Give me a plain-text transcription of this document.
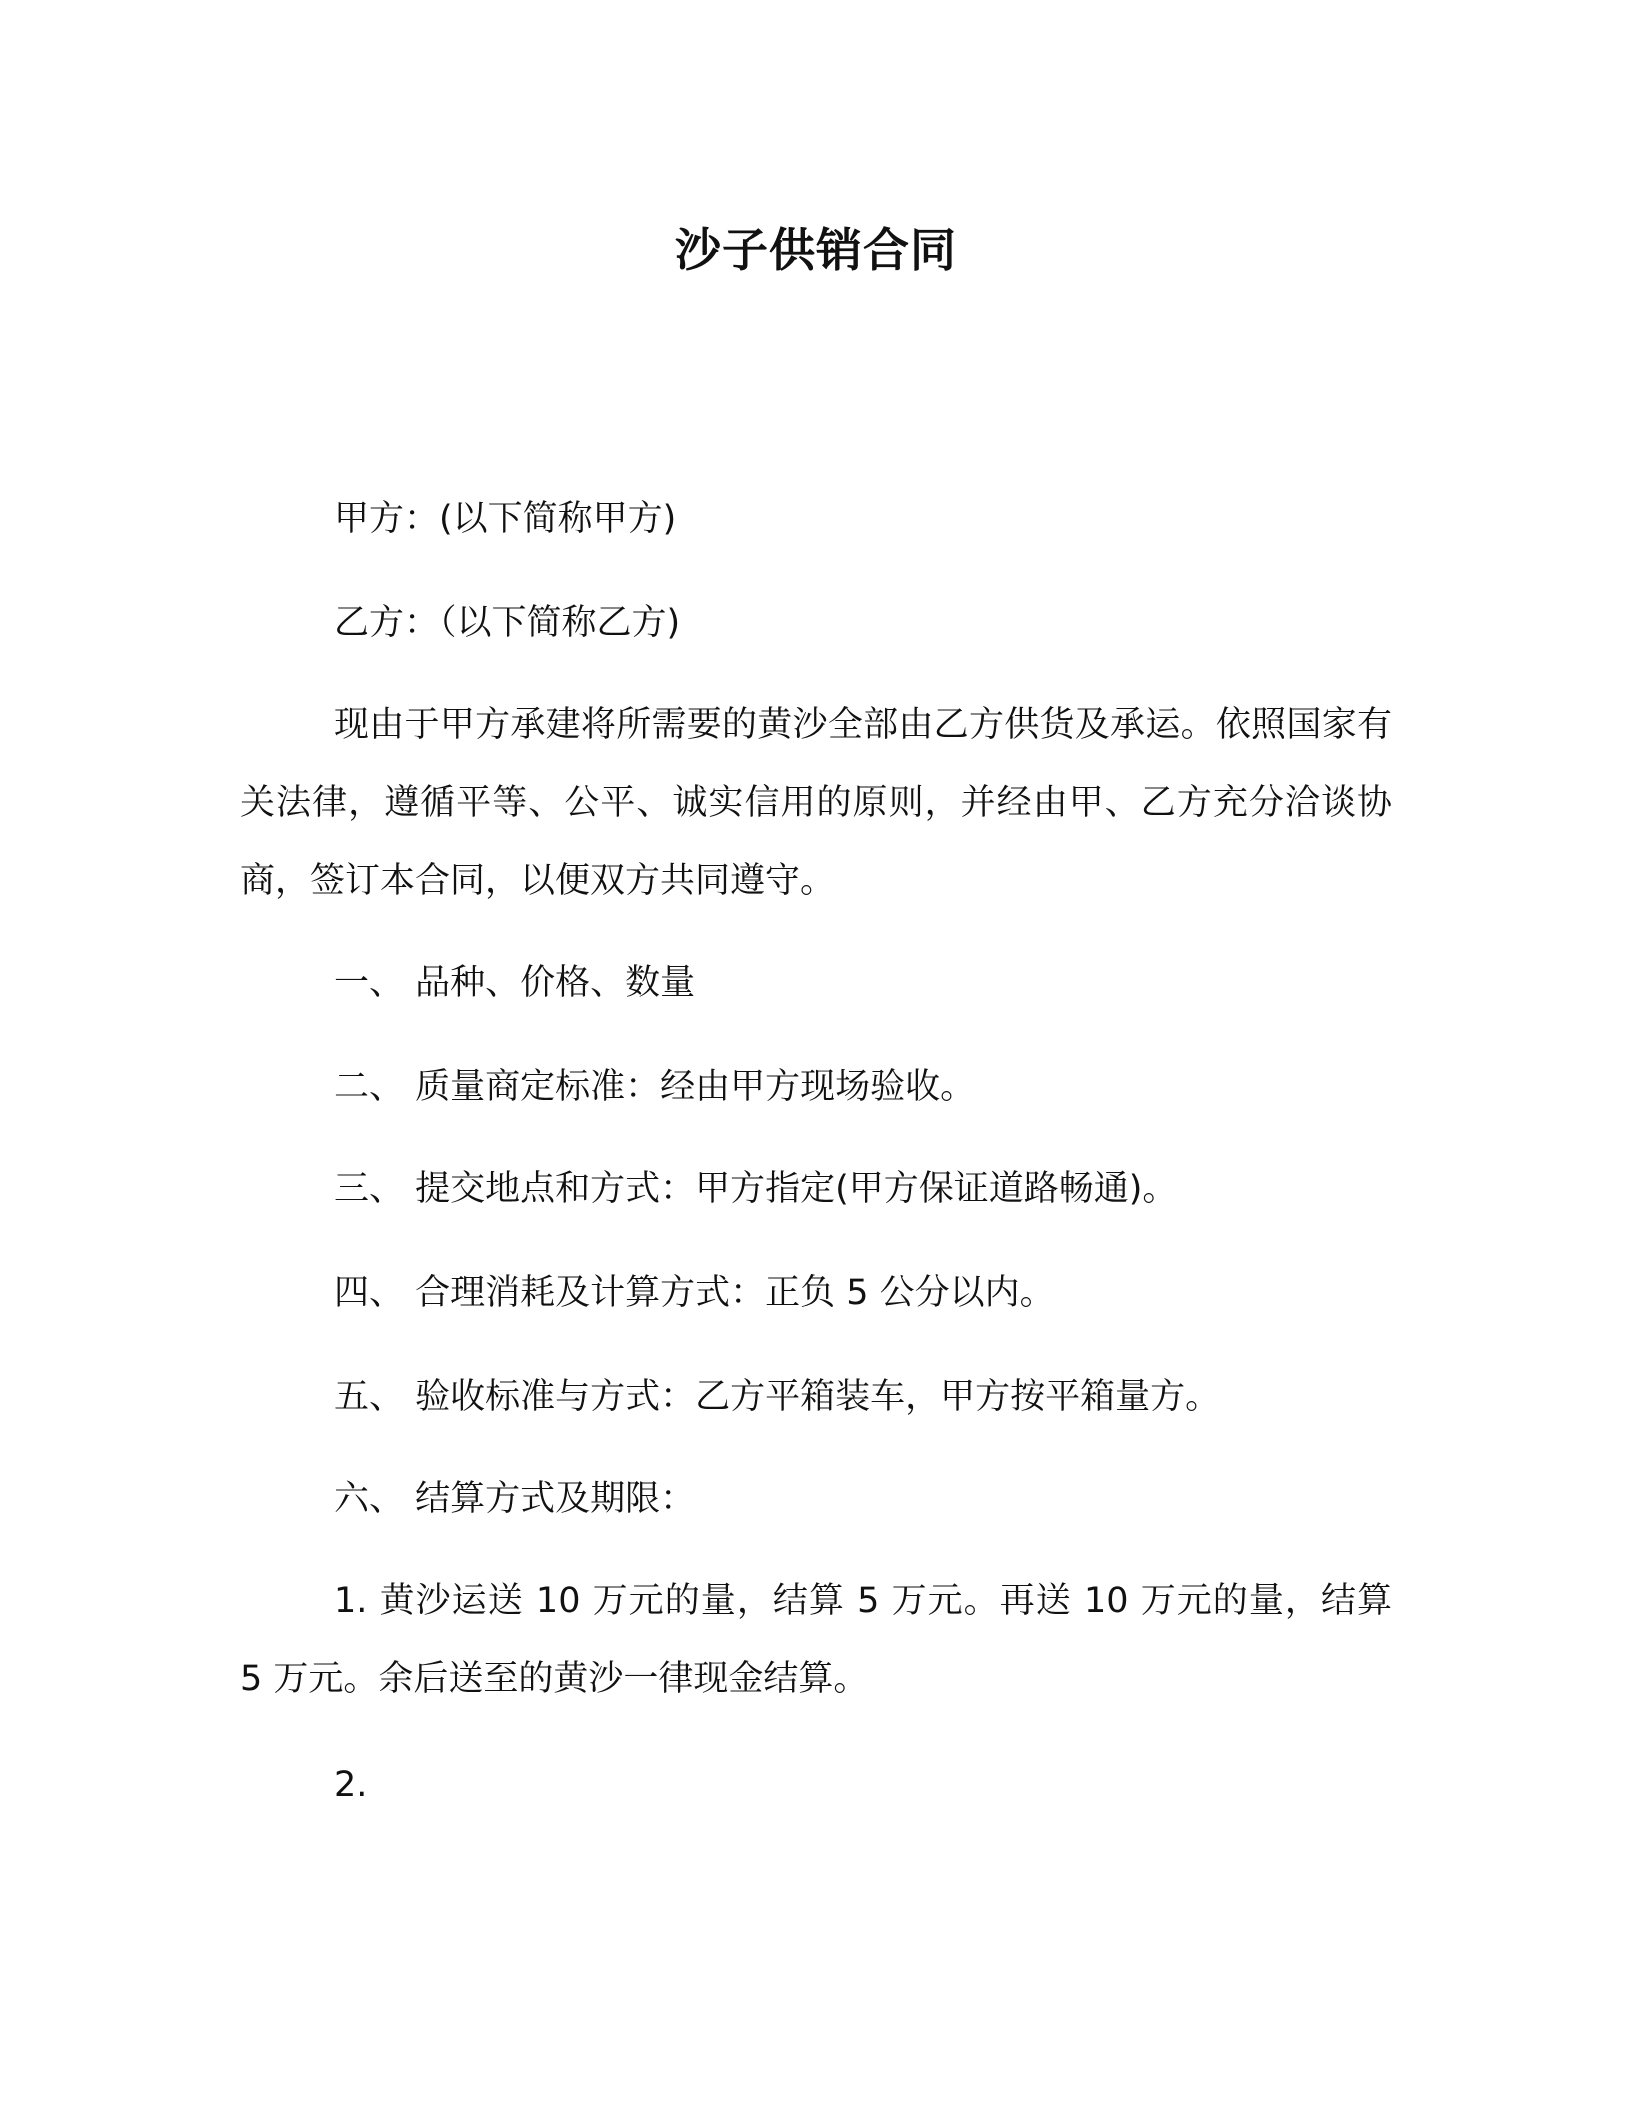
沙子供销合同

甲方：(以下简称甲方)

乙方：（以下简称乙方)

现由于甲方承建将所需要的黄沙全部由乙方供货及承运。依照国家有关法律，遵循平等、公平、诚实信用的原则，并经由甲、乙方充分洽谈协商，签订本合同，以便双方共同遵守。

一、 品种、价格、数量

二、 质量商定标准：经由甲方现场验收。

三、 提交地点和方式：甲方指定(甲方保证道路畅通)。

四、 合理消耗及计算方式：正负 5 公分以内。

五、 验收标准与方式：乙方平箱装车，甲方按平箱量方。

六、 结算方式及期限：

1. 黄沙运送 10 万元的量，结算 5 万元。再送 10 万元的量，结算 5 万元。余后送至的黄沙一律现金结算。

2.
